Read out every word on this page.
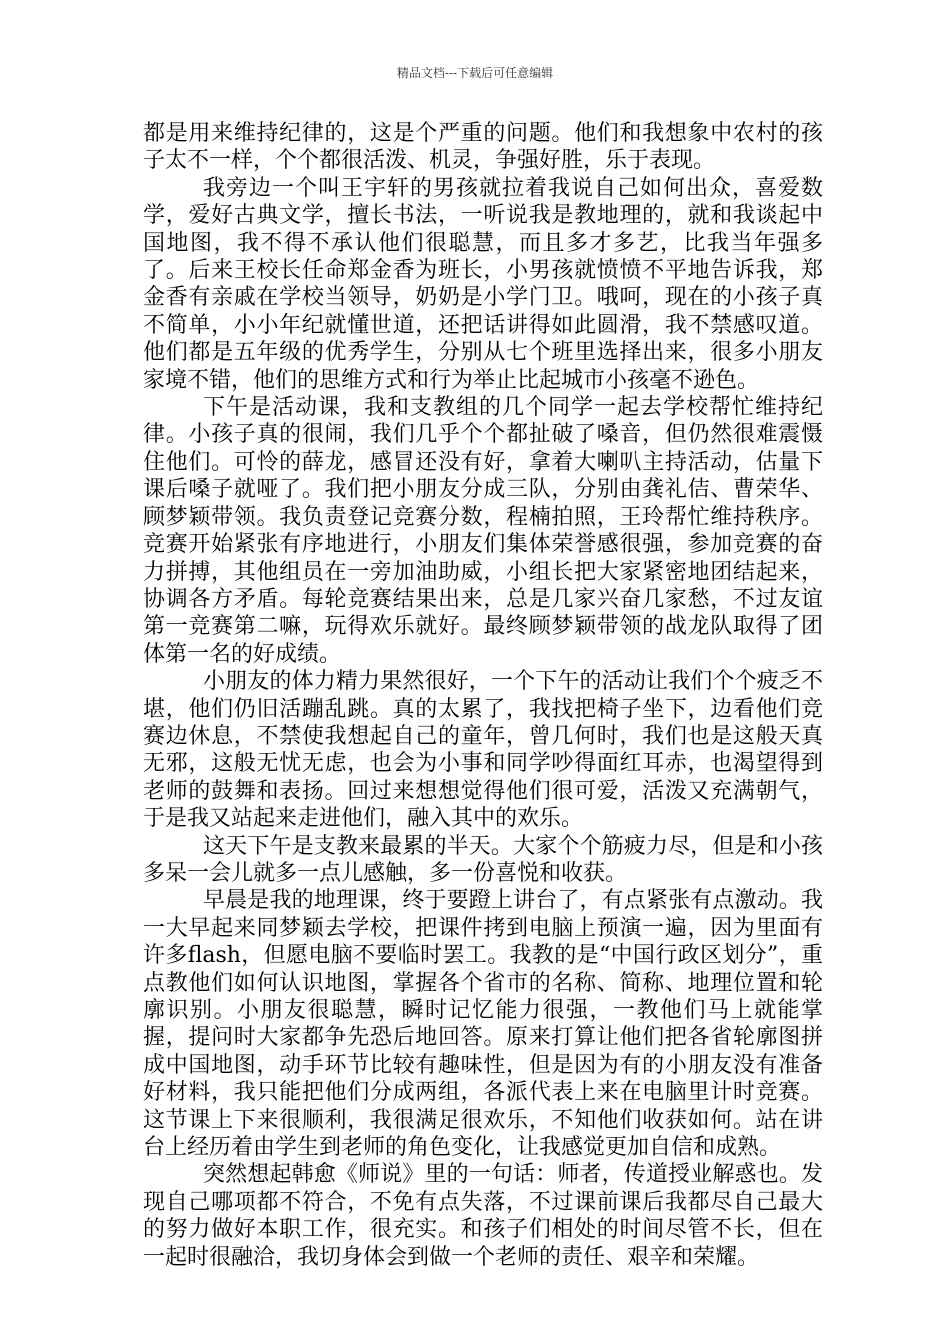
精品文档---下载后可任意编辑

都是用来维持纪律的，这是个严重的问题。他们和我想象中农村的孩子太不一样，个个都很活泼、机灵，争强好胜，乐于表现。

我旁边一个叫王宇轩的男孩就拉着我说自己如何出众，喜爱数学，爱好古典文学，擅长书法，一听说我是教地理的，就和我谈起中国地图，我不得不承认他们很聪慧，而且多才多艺，比我当年强多了。后来王校长任命郑金香为班长，小男孩就愤愤不平地告诉我，郑金香有亲戚在学校当领导，奶奶是小学门卫。哦呵，现在的小孩子真不简单，小小年纪就懂世道，还把话讲得如此圆滑，我不禁感叹道。他们都是五年级的优秀学生，分别从七个班里选择出来，很多小朋友家境不错，他们的思维方式和行为举止比起城市小孩毫不逊色。

下午是活动课，我和支教组的几个同学一起去学校帮忙维持纪律。小孩子真的很闹，我们几乎个个都扯破了嗓音，但仍然很难震慑住他们。可怜的薛龙，感冒还没有好，拿着大喇叭主持活动，估量下课后嗓子就哑了。我们把小朋友分成三队，分别由龚礼佶、曹荣华、顾梦颖带领。我负责登记竞赛分数，程楠拍照，王玲帮忙维持秩序。竞赛开始紧张有序地进行，小朋友们集体荣誉感很强，参加竞赛的奋力拼搏，其他组员在一旁加油助威，小组长把大家紧密地团结起来，协调各方矛盾。每轮竞赛结果出来，总是几家兴奋几家愁，不过友谊第一竞赛第二嘛，玩得欢乐就好。最终顾梦颖带领的战龙队取得了团体第一名的好成绩。

小朋友的体力精力果然很好，一个下午的活动让我们个个疲乏不堪，他们仍旧活蹦乱跳。真的太累了，我找把椅子坐下，边看他们竞赛边休息，不禁使我想起自己的童年，曾几何时，我们也是这般天真无邪，这般无忧无虑，也会为小事和同学吵得面红耳赤，也渴望得到老师的鼓舞和表扬。回过来想想觉得他们很可爱，活泼又充满朝气，于是我又站起来走进他们，融入其中的欢乐。

这天下午是支教来最累的半天。大家个个筋疲力尽，但是和小孩多呆一会儿就多一点儿感触，多一份喜悦和收获。

早晨是我的地理课，终于要蹬上讲台了，有点紧张有点激动。我一大早起来同梦颖去学校，把课件拷到电脑上预演一遍，因为里面有许多flash，但愿电脑不要临时罢工。我教的是“中国行政区划分”，重点教他们如何认识地图，掌握各个省市的名称、简称、地理位置和轮廓识别。小朋友很聪慧，瞬时记忆能力很强，一教他们马上就能掌握，提问时大家都争先恐后地回答。原来打算让他们把各省轮廓图拼成中国地图，动手环节比较有趣味性，但是因为有的小朋友没有准备好材料，我只能把他们分成两组，各派代表上来在电脑里计时竞赛。这节课上下来很顺利，我很满足很欢乐，不知他们收获如何。站在讲台上经历着由学生到老师的角色变化，让我感觉更加自信和成熟。

突然想起韩愈《师说》里的一句话：师者，传道授业解惑也。发现自己哪项都不符合，不免有点失落，不过课前课后我都尽自己最大的努力做好本职工作，很充实。和孩子们相处的时间尽管不长，但在一起时很融洽，我切身体会到做一个老师的责任、艰辛和荣耀。
